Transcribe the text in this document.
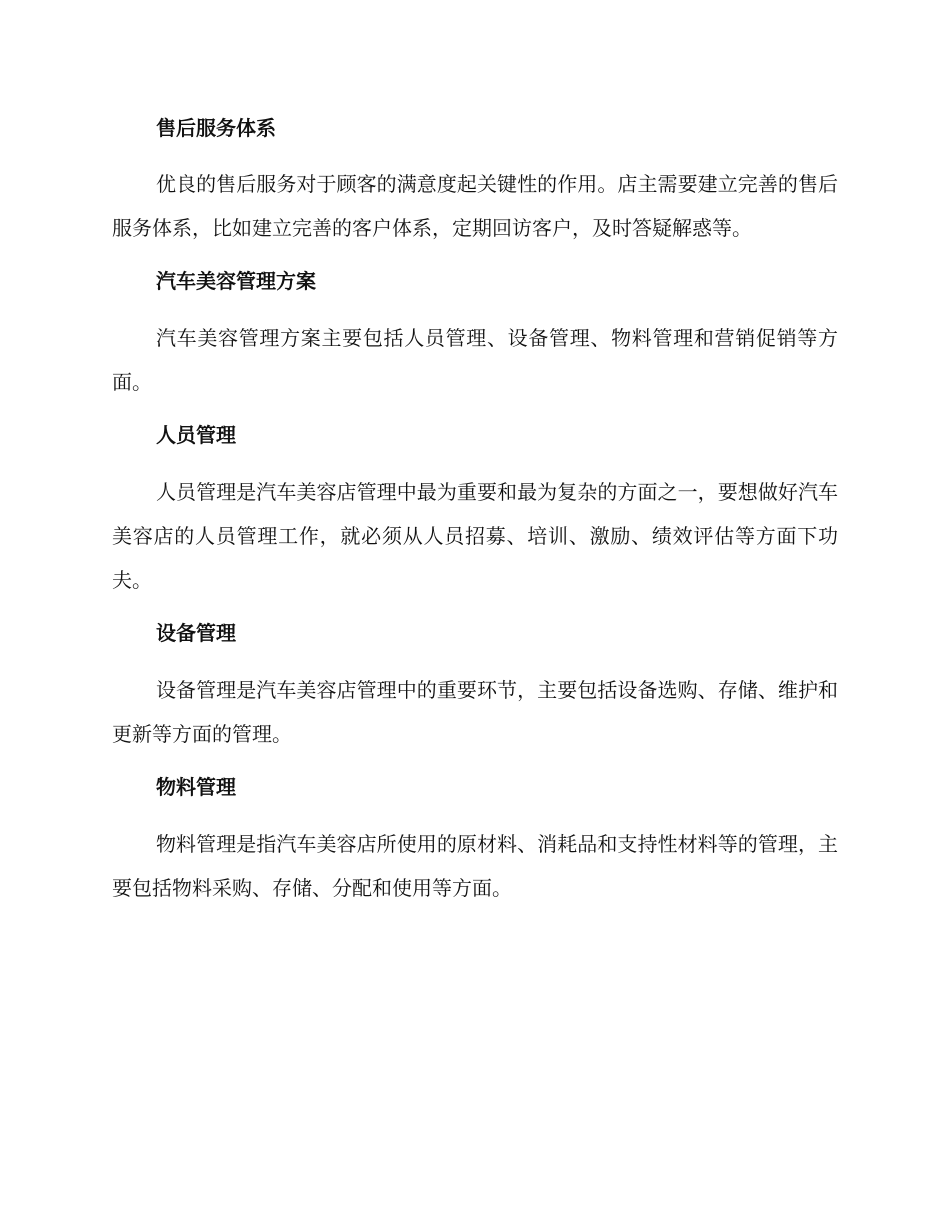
售后服务体系

优良的售后服务对于顾客的满意度起关键性的作用。店主需要建立完善的售后服务体系，比如建立完善的客户体系，定期回访客户，及时答疑解惑等。

汽车美容管理方案

汽车美容管理方案主要包括人员管理、设备管理、物料管理和营销促销等方面。

人员管理

人员管理是汽车美容店管理中最为重要和最为复杂的方面之一，要想做好汽车美容店的人员管理工作，就必须从人员招募、培训、激励、绩效评估等方面下功夫。

设备管理

设备管理是汽车美容店管理中的重要环节，主要包括设备选购、存储、维护和更新等方面的管理。

物料管理

物料管理是指汽车美容店所使用的原材料、消耗品和支持性材料等的管理，主要包括物料采购、存储、分配和使用等方面。
